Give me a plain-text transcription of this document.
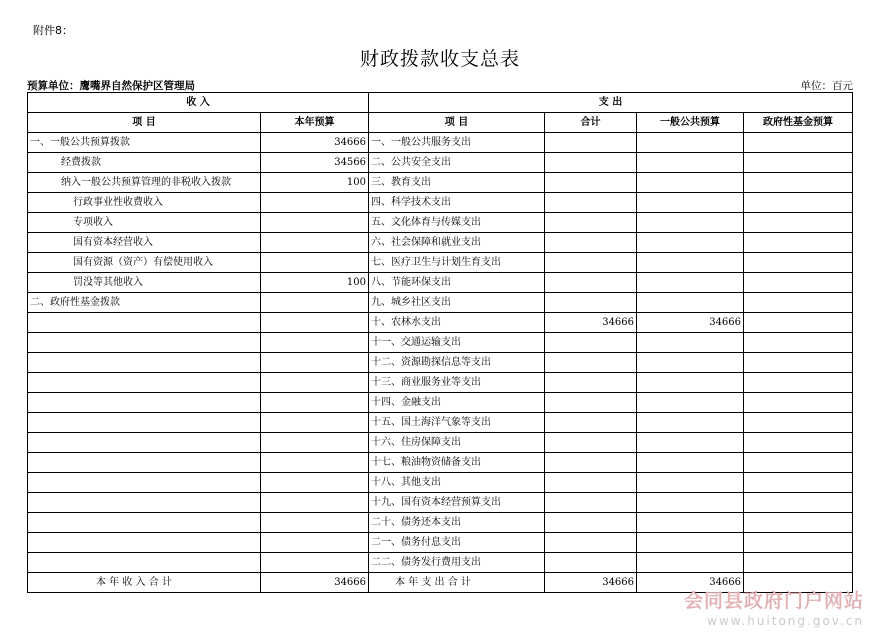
附件8：
财政拨款收支总表
预算单位：鹰嘴界自然保护区管理局	单位：百元
收 入		支 出			
项 目	本年预算	项 目	合计	一般公共预算	政府性基金预算
一、一般公共预算拨款	34666	一、一般公共服务支出			
经费拨款	34566	二、公共安全支出			
纳入一般公共预算管理的非税收入拨款	100	三、教育支出			
行政事业性收费收入		四、科学技术支出			
专项收入		五、文化体育与传媒支出			
国有资本经营收入		六、社会保障和就业支出			
国有资源（资产）有偿使用收入		七、医疗卫生与计划生育支出			
罚没等其他收入	100	八、节能环保支出			
二、政府性基金拨款		九、城乡社区支出			
		十、农林水支出	34666	34666	
		十一、交通运输支出			
		十二、资源勘探信息等支出			
		十三、商业服务业等支出			
		十四、金融支出			
		十五、国土海洋气象等支出			
		十六、住房保障支出			
		十七、粮油物资储备支出			
		十八、其他支出			
		十九、国有资本经营预算支出			
		二十、债务还本支出			
		二一、债务付息支出			
		二二、债务发行费用支出			
本 年 收 入 合 计	34666	本 年 支 出 合 计	34666	34666	
会同县政府门户网站
www.huitong.gov.cn
